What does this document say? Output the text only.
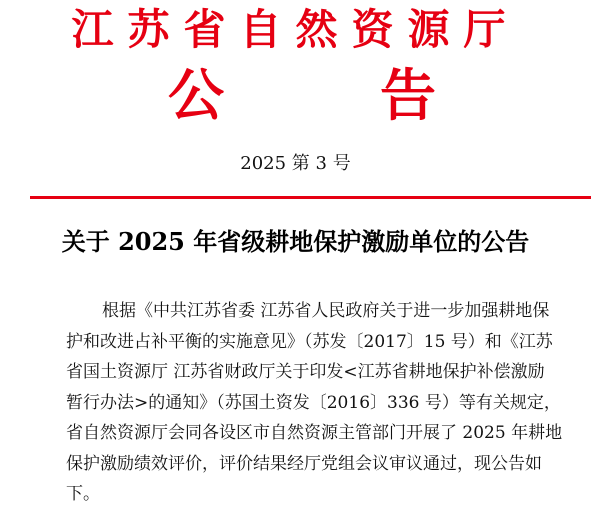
江苏省自然资源厅
公	告
2025 第 3 号
关于 2025 年省级耕地保护激励单位的公告
根据《中共江苏省委 江苏省人民政府关于进一步加强耕地保
护和改进占补平衡的实施意见》（苏发〔2017〕15 号）和《江苏
省国土资源厅 江苏省财政厅关于印发<江苏省耕地保护补偿激励
暂行办法>的通知》（苏国土资发〔2016〕336 号）等有关规定，
省自然资源厅会同各设区市自然资源主管部门开展了 2025 年耕地
保护激励绩效评价，评价结果经厅党组会议审议通过，现公告如
下。
